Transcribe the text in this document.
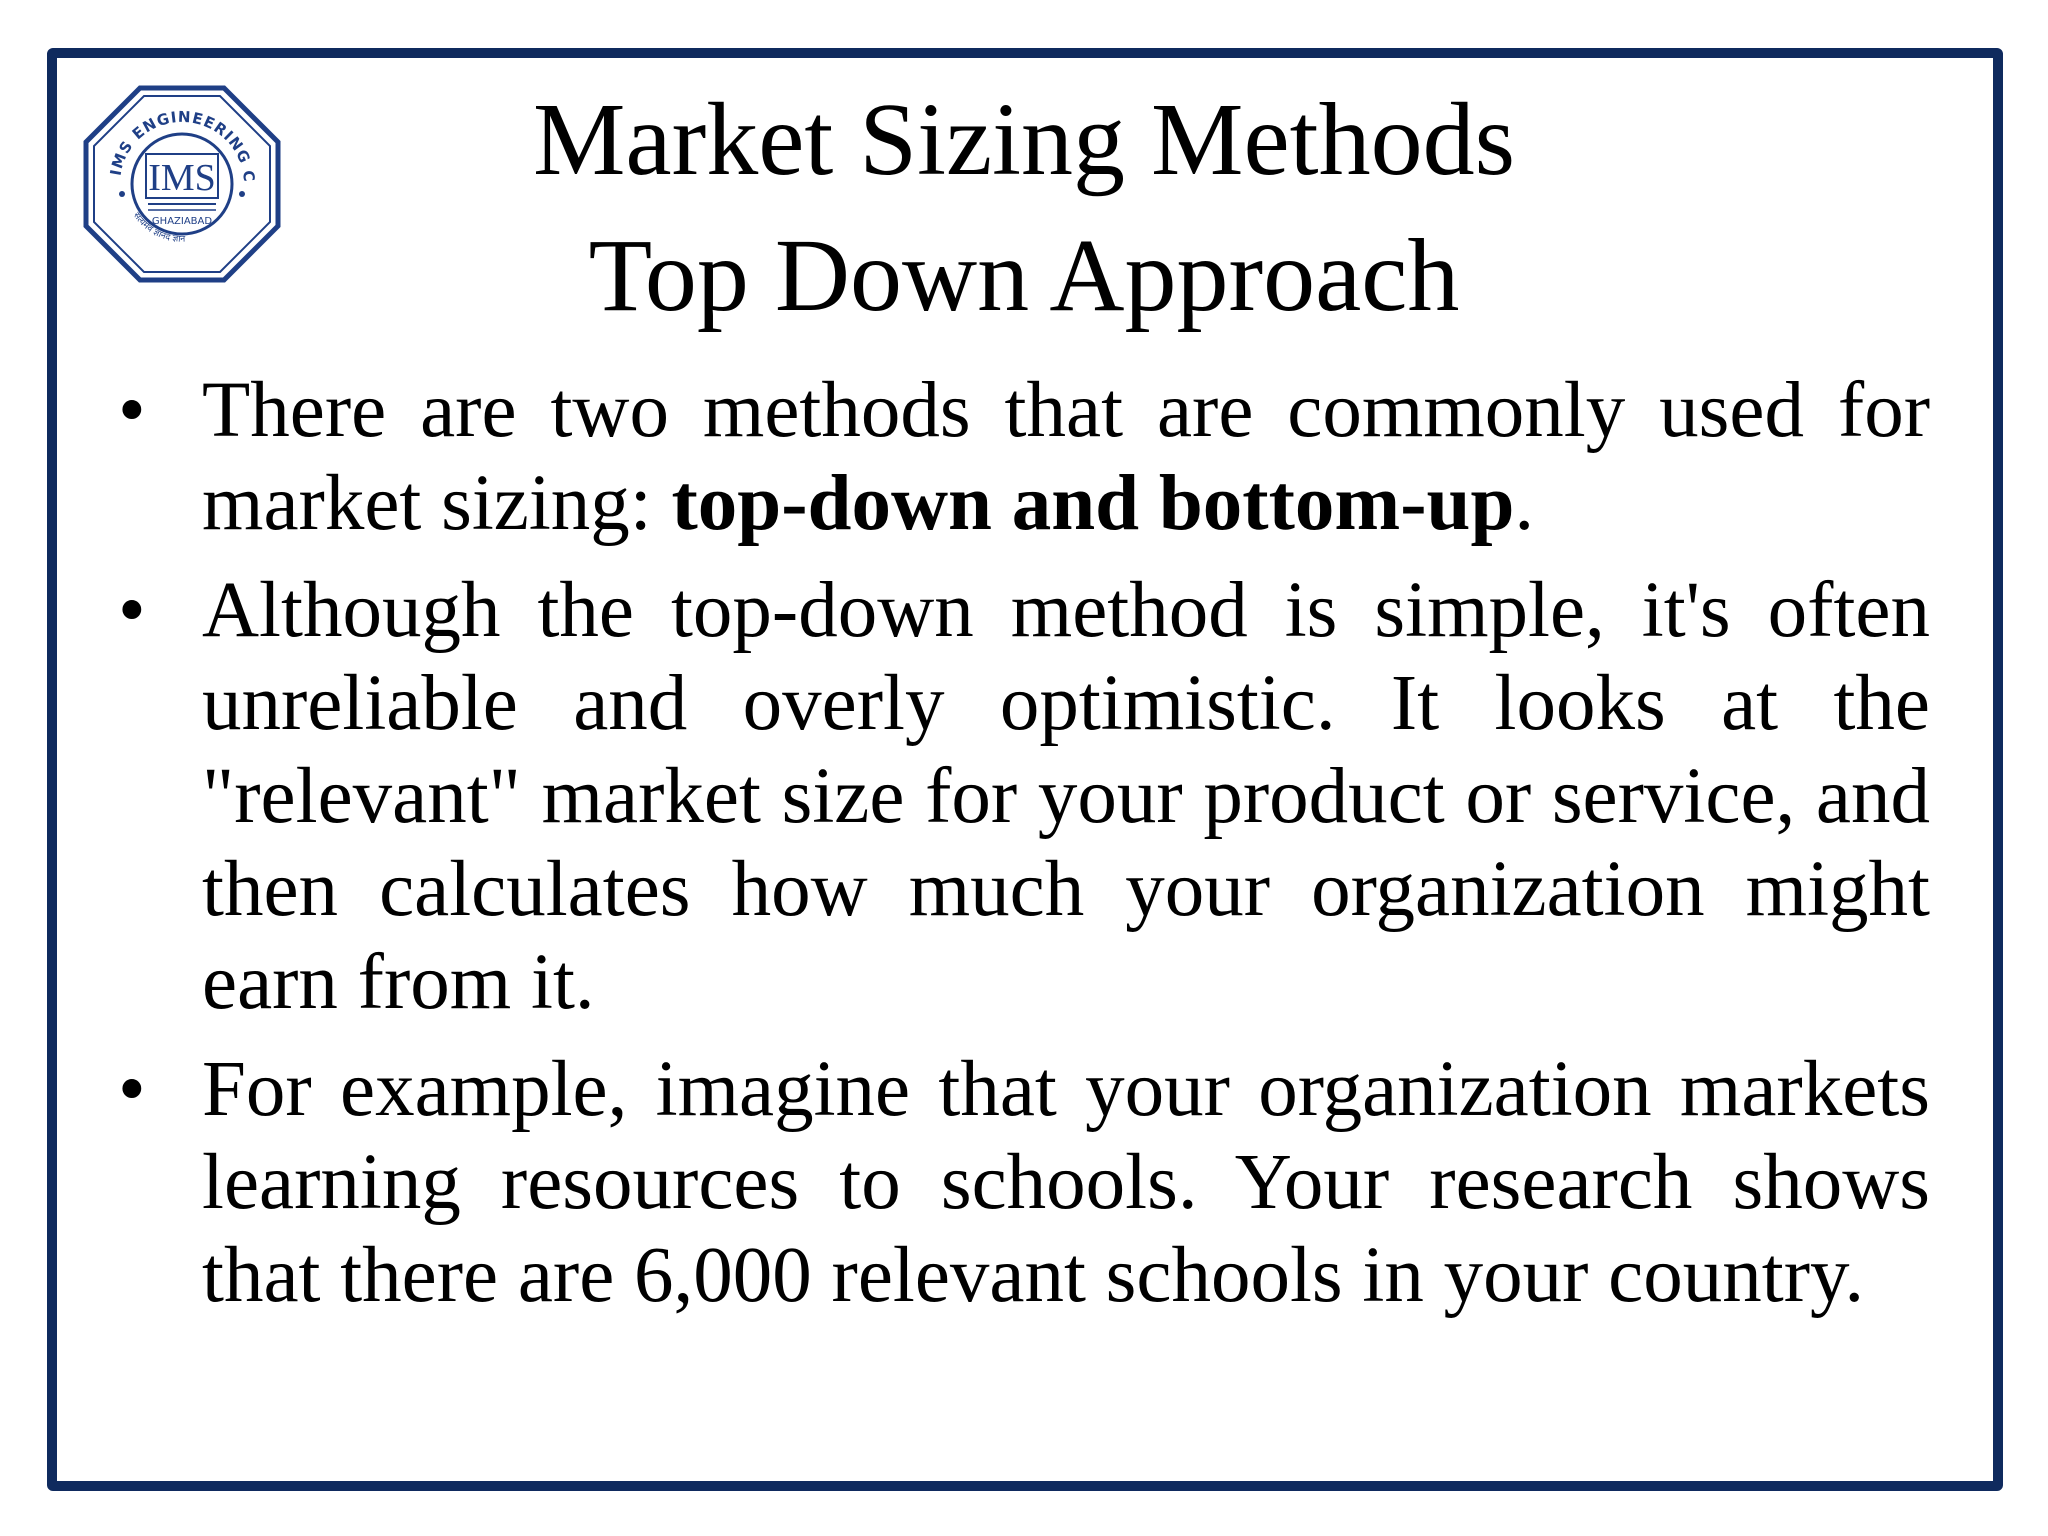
IMS ENGINEERING C
IMS
GHAZIABAD
सत्यमेव ज्ञानदं ज्ञानं
Market Sizing Methods
Top Down Approach
• There are two methods that are commonly used for market sizing: top-down and bottom-up.
• Although the top-down method is simple, it's often unreliable and overly optimistic. It looks at the "relevant" market size for your product or service, and then calculates how much your organization might earn from it.
• For example, imagine that your organization markets learning resources to schools. Your research shows that there are 6,000 relevant schools in your country.
